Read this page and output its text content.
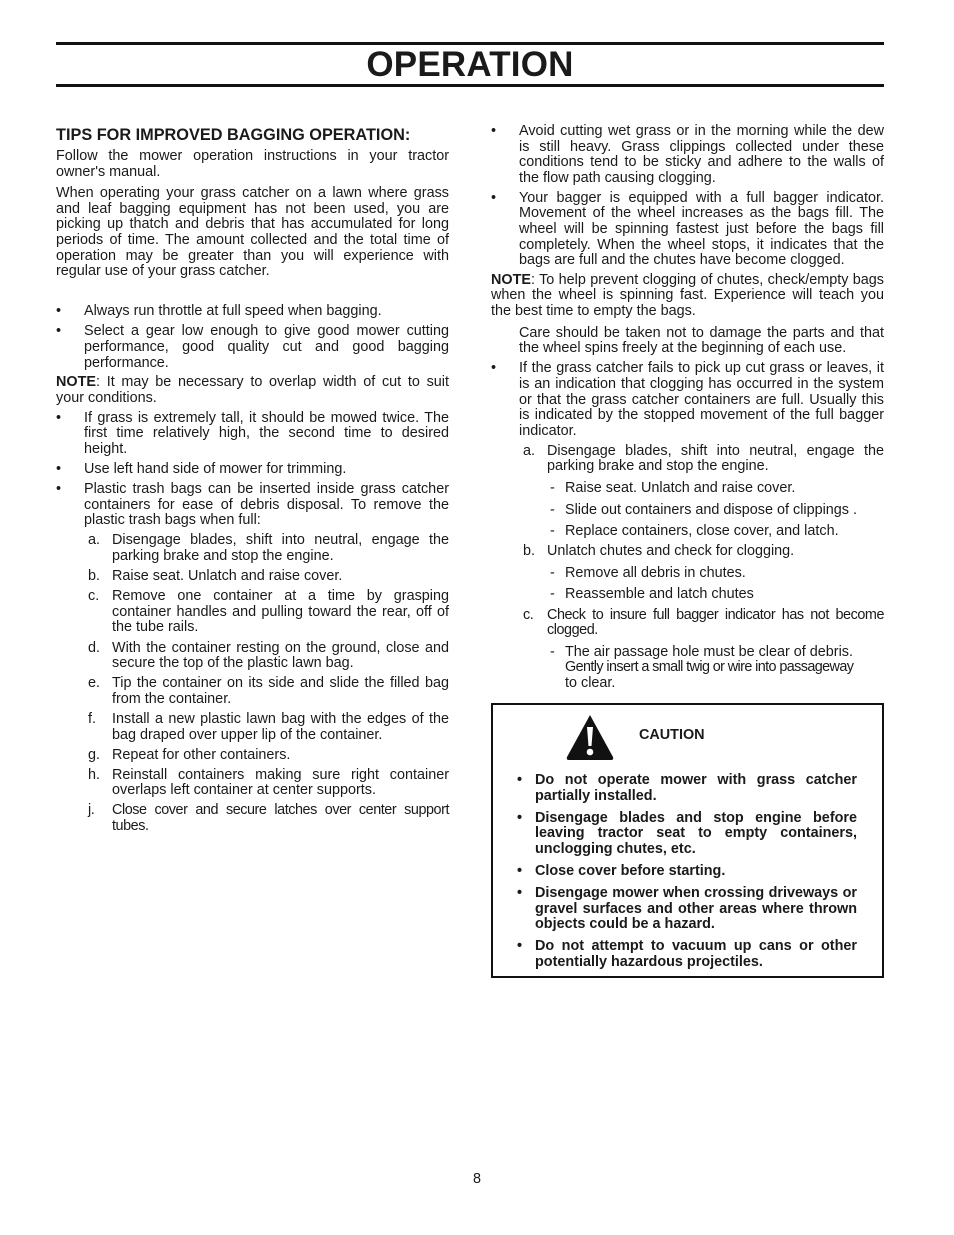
OPERATION
TIPS FOR IMPROVED BAGGING OPERATION:

Follow the mower operation instructions in your tractor owner's manual.

When operating your grass catcher on a lawn where grass and leaf bagging equipment has not been used, you are picking up thatch and debris that has accumulated for long periods of time. The amount collected and the total time of operation may be greater than you will experience with regular use of your grass catcher.

• Always run throttle at full speed when bagging.
• Select a gear low enough to give good mower cutting performance, good quality cut and good bagging performance.

NOTE: It may be necessary to overlap width of cut to suit your conditions.

• If grass is extremely tall, it should be mowed twice. The first time relatively high, the second time to desired height.
• Use left hand side of mower for trimming.
• Plastic trash bags can be inserted inside grass catcher containers for ease of debris disposal. To remove the plastic trash bags when full:
a. Disengage blades, shift into neutral, engage the parking brake and stop the engine.
b. Raise seat. Unlatch and raise cover.
c. Remove one container at a time by grasping container handles and pulling toward the rear, off of the tube rails.
d. With the container resting on the ground, close and secure the top of the plastic lawn bag.
e. Tip the container on its side and slide the filled bag from the container.
f. Install a new plastic lawn bag with the edges of the bag draped over upper lip of the container.
g. Repeat for other containers.
h. Reinstall containers making sure right container overlaps left container at center supports.
j. Close cover and secure latches over center support tubes.
• Avoid cutting wet grass or in the morning while the dew is still heavy. Grass clippings collected under these conditions tend to be sticky and adhere to the walls of the flow path causing clogging.
• Your bagger is equipped with a full bagger indicator. Movement of the wheel increases as the bags fill. The wheel will be spinning fastest just before the bags fill completely. When the wheel stops, it indicates that the bags are full and the chutes have become clogged.

NOTE: To help prevent clogging of chutes, check/empty bags when the wheel is spinning fast. Experience will teach you the best time to empty the bags.

Care should be taken not to damage the parts and that the wheel spins freely at the beginning of each use.

• If the grass catcher fails to pick up cut grass or leaves, it is an indication that clogging has occurred in the system or that the grass catcher containers are full. Usually this is indicated by the stopped movement of the full bagger indicator.
a. Disengage blades, shift into neutral, engage the parking brake and stop the engine.
- Raise seat. Unlatch and raise cover.
- Slide out containers and dispose of clippings .
- Replace containers, close cover, and latch.
b. Unlatch chutes and check for clogging.
- Remove all debris in chutes.
- Reassemble and latch chutes
c. Check to insure full bagger indicator has not become clogged.
- The air passage hole must be clear of debris.
Gently insert a small twig or wire into passageway
to clear.
CAUTION
• Do not operate mower with grass catcher partially installed.
• Disengage blades and stop engine before leaving tractor seat to empty containers, unclogging chutes, etc.
• Close cover before starting.
• Disengage mower when crossing driveways or gravel surfaces and other areas where thrown objects could be a hazard.
• Do not attempt to vacuum up cans or other potentially hazardous projectiles.
8
